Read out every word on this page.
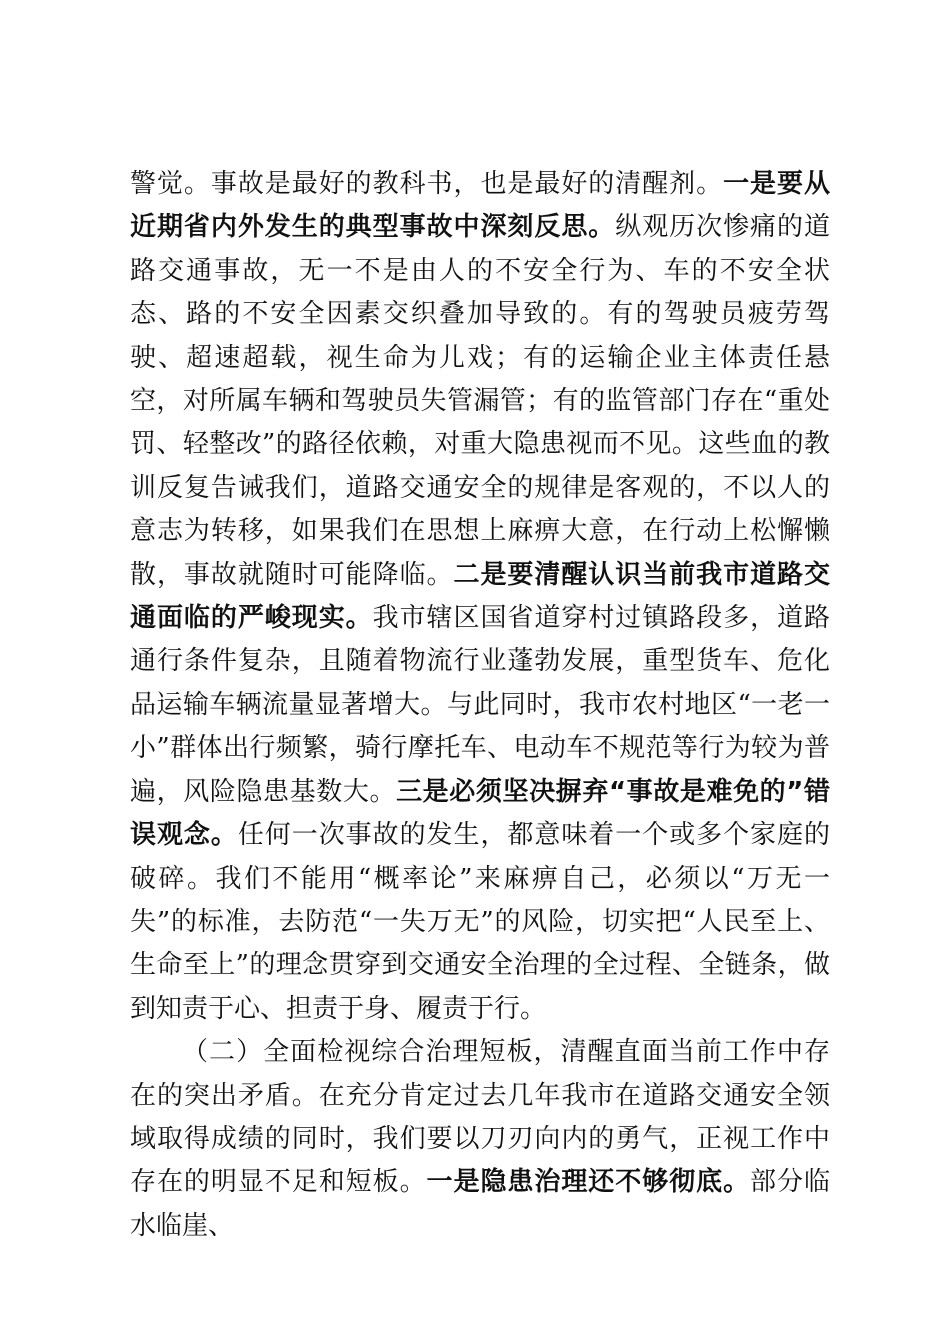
警觉。事故是最好的教科书，也是最好的清醒剂。一是要从近期省内外发生的典型事故中深刻反思。纵观历次惨痛的道路交通事故，无一不是由人的不安全行为、车的不安全状态、路的不安全因素交织叠加导致的。有的驾驶员疲劳驾驶、超速超载，视生命为儿戏；有的运输企业主体责任悬空，对所属车辆和驾驶员失管漏管；有的监管部门存在“重处罚、轻整改”的路径依赖，对重大隐患视而不见。这些血的教训反复告诫我们，道路交通安全的规律是客观的，不以人的意志为转移，如果我们在思想上麻痹大意，在行动上松懈懒散，事故就随时可能降临。二是要清醒认识当前我市道路交通面临的严峻现实。我市辖区国省道穿村过镇路段多，道路通行条件复杂，且随着物流行业蓬勃发展，重型货车、危化品运输车辆流量显著增大。与此同时，我市农村地区“一老一小”群体出行频繁，骑行摩托车、电动车不规范等行为较为普遍，风险隐患基数大。三是必须坚决摒弃“事故是难免的”错误观念。任何一次事故的发生，都意味着一个或多个家庭的破碎。我们不能用“概率论”来麻痹自己，必须以“万无一失”的标准，去防范“一失万无”的风险，切实把“人民至上、生命至上”的理念贯穿到交通安全治理的全过程、全链条，做到知责于心、担责于身、履责于行。

（二）全面检视综合治理短板，清醒直面当前工作中存在的突出矛盾。在充分肯定过去几年我市在道路交通安全领域取得成绩的同时，我们要以刀刃向内的勇气，正视工作中存在的明显不足和短板。一是隐患治理还不够彻底。部分临水临崖、
